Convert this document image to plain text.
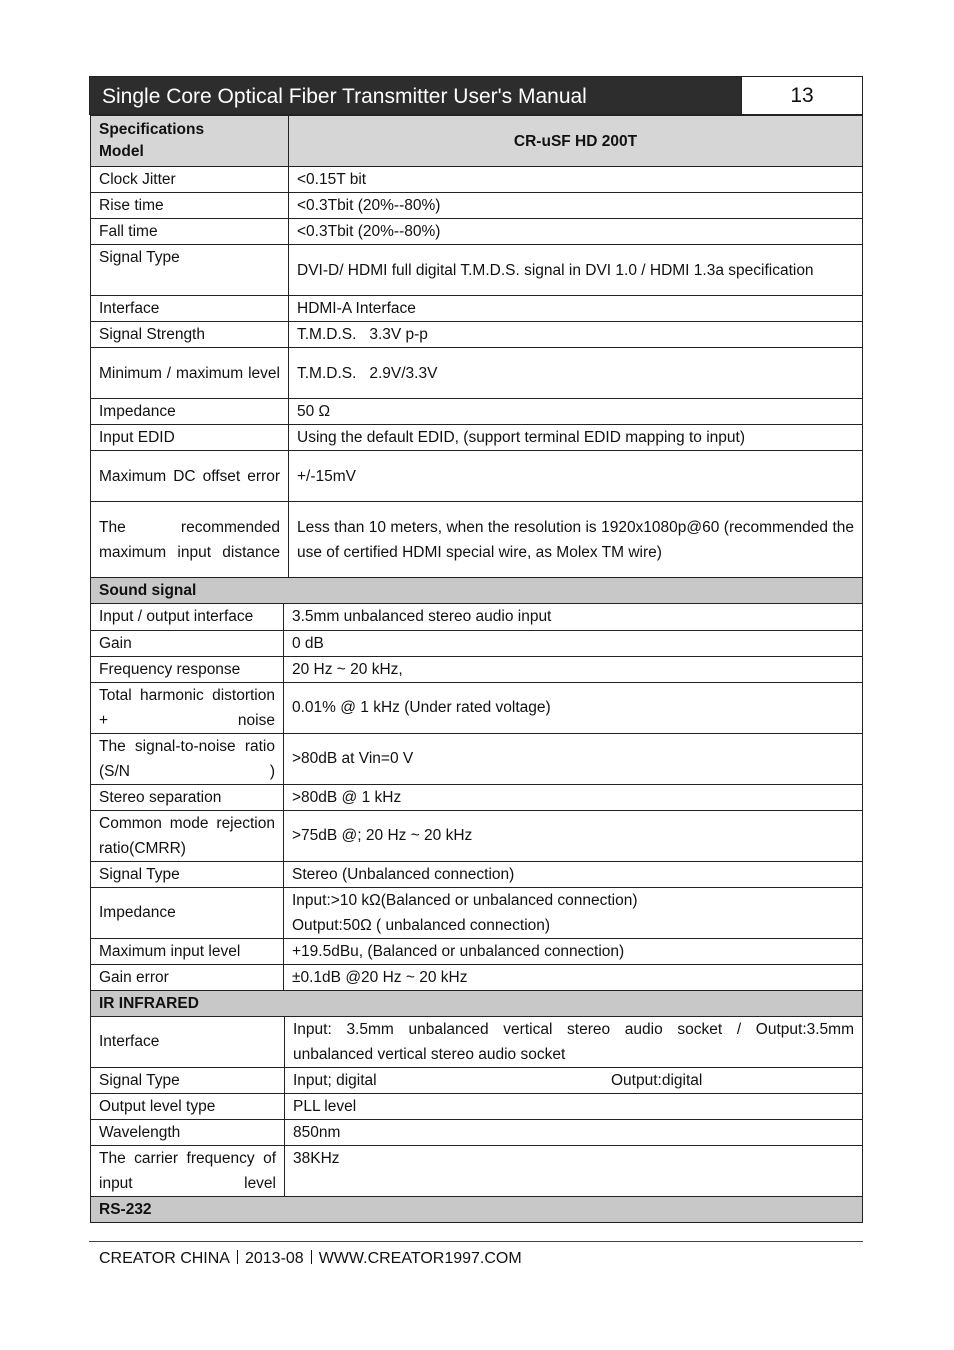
Single Core Optical Fiber Transmitter User's Manual	13
Specifications
Model	CR-uSF HD 200T
Clock Jitter	<0.15T bit
Rise time	<0.3Tbit (20%--80%)
Fall time	<0.3Tbit (20%--80%)
Signal Type	DVI-D/ HDMI full digital T.M.D.S. signal in DVI 1.0 / HDMI 1.3a specification
Interface	HDMI-A Interface
Signal Strength	T.M.D.S.   3.3V p-p
Minimum / maximum level	T.M.D.S.   2.9V/3.3V
Impedance	50 Ω
Input EDID	Using the default EDID, (support terminal EDID mapping to input)
Maximum DC offset error	+/-15mV
The recommended maximum input distance	Less than 10 meters, when the resolution is 1920x1080p@60 (recommended the use of certified HDMI special wire, as Molex TM wire)
Sound signal	
Input / output interface	3.5mm unbalanced stereo audio input
Gain	0 dB
Frequency response	20 Hz ~ 20 kHz,
Total harmonic distortion + noise	0.01% @ 1 kHz (Under rated voltage)
The signal-to-noise ratio (S/N )	>80dB at Vin=0 V
Stereo separation	>80dB @ 1 kHz
Common mode rejection ratio(CMRR)	>75dB @; 20 Hz ~ 20 kHz
Signal Type	Stereo (Unbalanced connection)
Impedance	Input:>10 kΩ(Balanced or unbalanced connection)
Output:50Ω ( unbalanced connection)

Maximum input level	+19.5dBu, (Balanced or unbalanced connection)
Gain error	±0.1dB @20 Hz ~ 20 kHz
IR INFRARED	
Interface	Input: 3.5mm unbalanced vertical stereo audio socket / Output:3.5mm unbalanced vertical stereo audio socket
Signal Type	Input; digital Output:digital
Output level type	PLL level
Wavelength	850nm
The carrier frequency of input level	38KHz
RS-232	
CREATOR CHINA 2013-08 WWW.CREATOR1997.COM
